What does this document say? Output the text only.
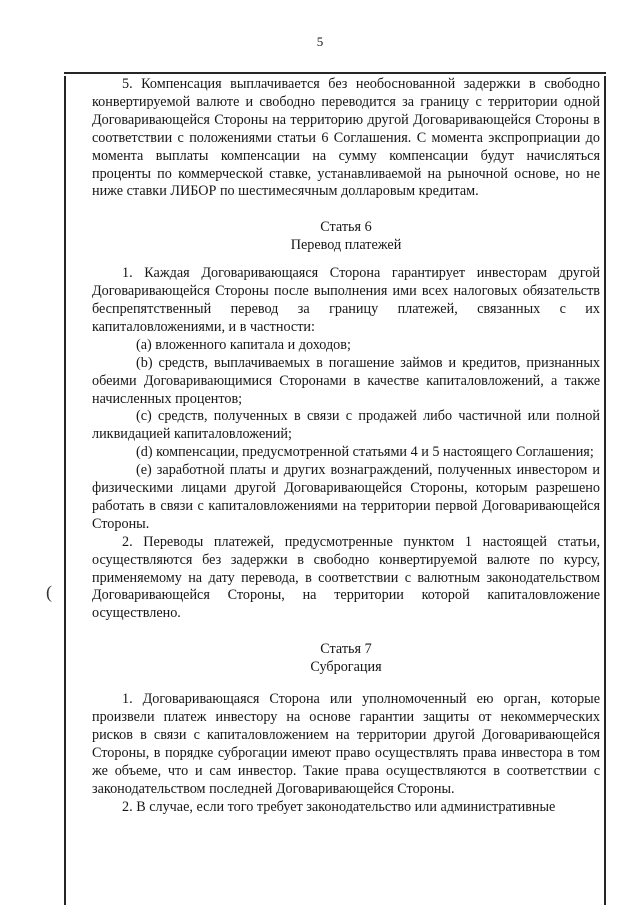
5
(

5. Компенсация выплачивается без необоснованной задержки в свободно конвертируемой валюте и свободно переводится за границу с территории одной Договаривающейся Стороны на территорию другой Договаривающейся Стороны в соответствии с положениями статьи 6 Соглашения. С момента экспроприации до момента выплаты компенсации на сумму компенсации будут начисляться проценты по коммерческой ставке, устанавливаемой на рыночной основе, но не ниже ставки ЛИБОР по шестимесячным долларовым кредитам.

Статья 6

Перевод платежей

1. Каждая Договаривающаяся Сторона гарантирует инвесторам другой Договаривающейся Стороны после выполнения ими всех налоговых обязательств беспрепятственный перевод за границу платежей, связанных с их капиталовложениями, и в частности:

(а) вложенного капитала и доходов;

(b) средств, выплачиваемых в погашение займов и кредитов, признанных обеими Договаривающимися Сторонами в качестве капиталовложений, а также начисленных процентов;

(с) средств, полученных в связи с продажей либо частичной или полной ликвидацией капиталовложений;

(d) компенсации, предусмотренной статьями 4 и 5 настоящего Соглашения;

(е) заработной платы и других вознаграждений, полученных инвестором и физическими лицами другой Договаривающейся Стороны, которым разрешено работать в связи с капиталовложениями на территории первой Договаривающейся Стороны.

2. Переводы платежей, предусмотренные пунктом 1 настоящей статьи, осуществляются без задержки в свободно конвертируемой валюте по курсу, применяемому на дату перевода, в соответствии с валютным законодательством Договаривающейся Стороны, на территории которой капиталовложение осуществлено.

Статья 7

Суброгация

1. Договаривающаяся Сторона или уполномоченный ею орган, которые произвели платеж инвестору на основе гарантии защиты от некоммерческих рисков в связи с капиталовложением на территории другой Договаривающейся Стороны, в порядке суброгации имеют право осуществлять права инвестора в том же объеме, что и сам инвестор. Такие права осуществляются в соответствии с законодательством последней Договаривающейся Стороны.

2. В случае, если того требует законодательство или административные
